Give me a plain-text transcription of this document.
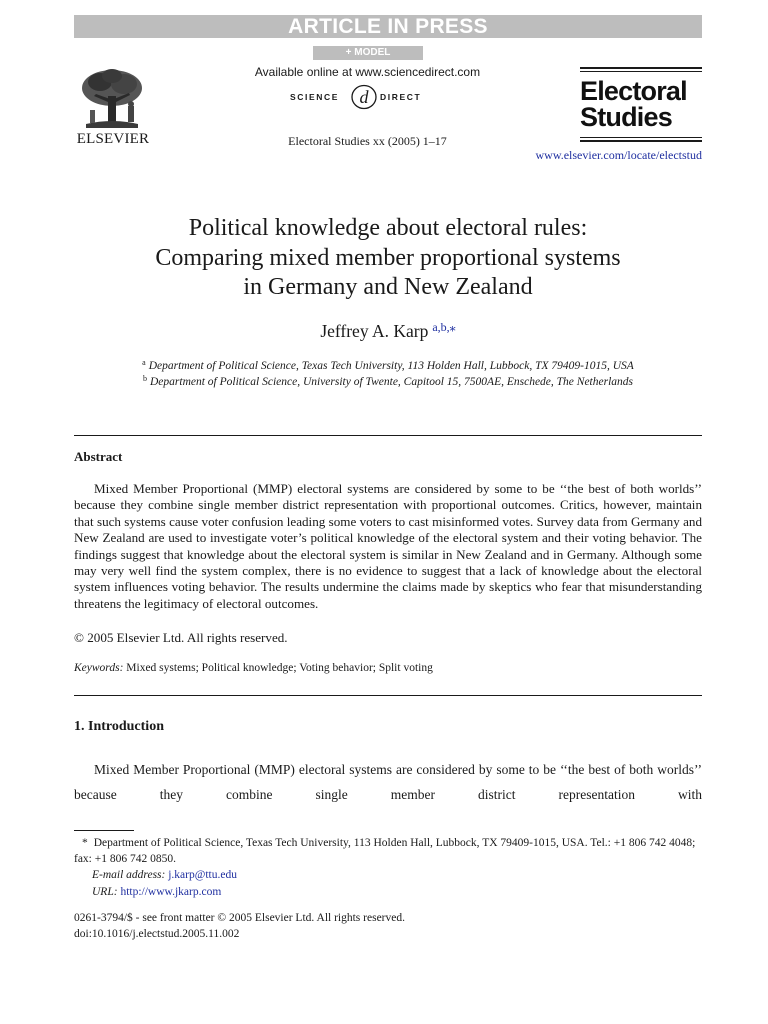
ARTICLE IN PRESS
+ MODEL
ELSEVIER
Available online at www.sciencedirect.com
SCIENCE d DIRECT
Electoral Studies xx (2005) 1–17
Electoral
Studies
www.elsevier.com/locate/electstud
Political knowledge about electoral rules:
Comparing mixed member proportional systems
in Germany and New Zealand
Jeffrey A. Karp $^{a,b,⁎}$
$^a$ Department of Political Science, Texas Tech University, 113 Holden Hall, Lubbock, TX 79409-1015, USA
$^b$ Department of Political Science, University of Twente, Capitool 15, 7500AE, Enschede, The Netherlands
Abstract
Mixed Member Proportional (MMP) electoral systems are considered by some to be ‘‘the best of both worlds’’ because they combine single member district representation with proportional outcomes. Critics, however, maintain that such systems cause voter confusion leading some voters to cast misinformed votes. Survey data from Germany and New Zealand are used to investigate voter’s political knowledge of the electoral system and their voting behavior. The findings suggest that knowledge about the electoral system is similar in New Zealand and in Germany. Although some may very well find the system complex, there is no evidence to suggest that a lack of knowledge about the electoral system influences voting behavior. The results undermine the claims made by skeptics who fear that misunderstanding threatens the legitimacy of electoral outcomes.
© 2005 Elsevier Ltd. All rights reserved.
Keywords: Mixed systems; Political knowledge; Voting behavior; Split voting
1. Introduction
Mixed Member Proportional (MMP) electoral systems are considered by some to be ‘‘the best of both worlds’’ because they combine single member district representation with
* Department of Political Science, Texas Tech University, 113 Holden Hall, Lubbock, TX 79409-1015, USA. Tel.: +1 806 742 4048; fax: +1 806 742 0850.
E-mail address: j.karp@ttu.edu
URL: http://www.jkarp.com
0261-3794/$ - see front matter © 2005 Elsevier Ltd. All rights reserved.
doi:10.1016/j.electstud.2005.11.002
